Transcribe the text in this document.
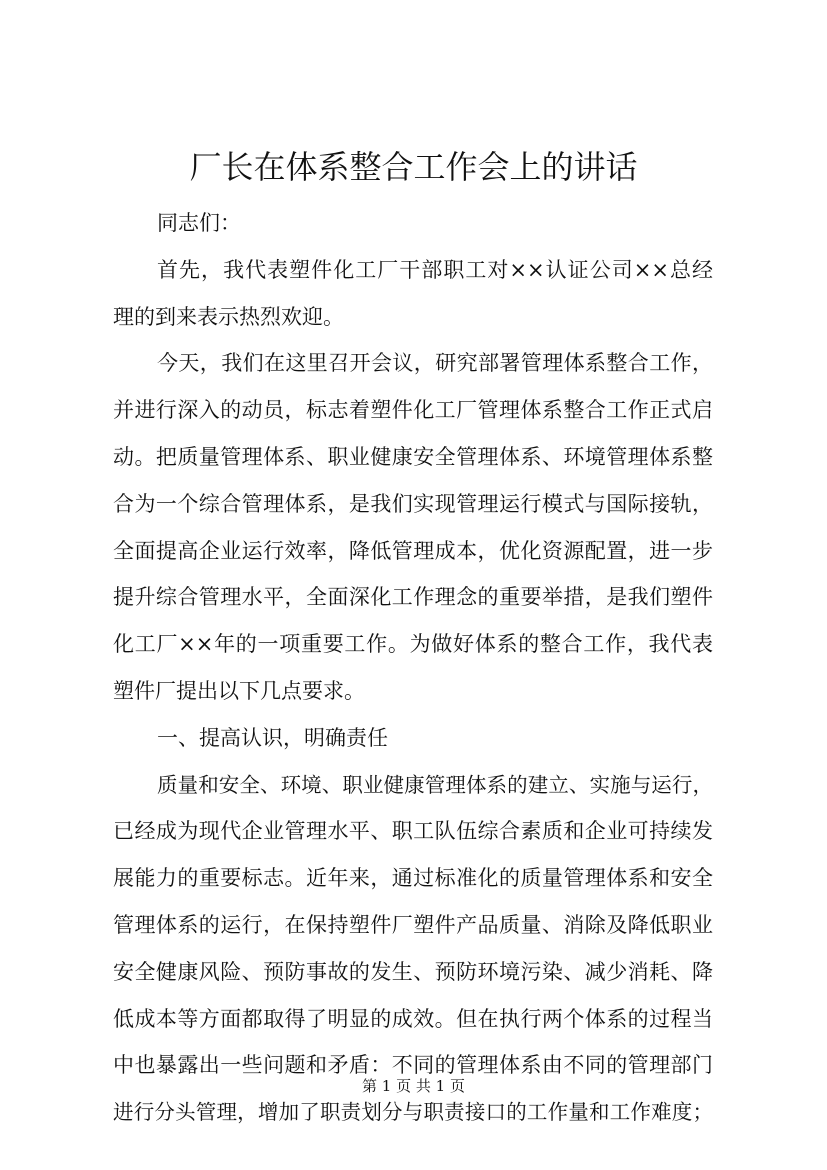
厂长在体系整合工作会上的讲话
同志们：
首先，我代表塑件化工厂干部职工对××认证公司××总经
理的到来表示热烈欢迎。
今天，我们在这里召开会议，研究部署管理体系整合工作，
并进行深入的动员，标志着塑件化工厂管理体系整合工作正式启
动。把质量管理体系、职业健康安全管理体系、环境管理体系整
合为一个综合管理体系，是我们实现管理运行模式与国际接轨，
全面提高企业运行效率，降低管理成本，优化资源配置，进一步
提升综合管理水平，全面深化工作理念的重要举措，是我们塑件
化工厂××年的一项重要工作。为做好体系的整合工作，我代表
塑件厂提出以下几点要求。
一、提高认识，明确责任
质量和安全、环境、职业健康管理体系的建立、实施与运行，
已经成为现代企业管理水平、职工队伍综合素质和企业可持续发
展能力的重要标志。近年来，通过标准化的质量管理体系和安全
管理体系的运行，在保持塑件厂塑件产品质量、消除及降低职业
安全健康风险、预防事故的发生、预防环境污染、减少消耗、降
低成本等方面都取得了明显的成效。但在执行两个体系的过程当
中也暴露出一些问题和矛盾：不同的管理体系由不同的管理部门
进行分头管理，增加了职责划分与职责接口的工作量和工作难度；
第 1 页 共 1 页
